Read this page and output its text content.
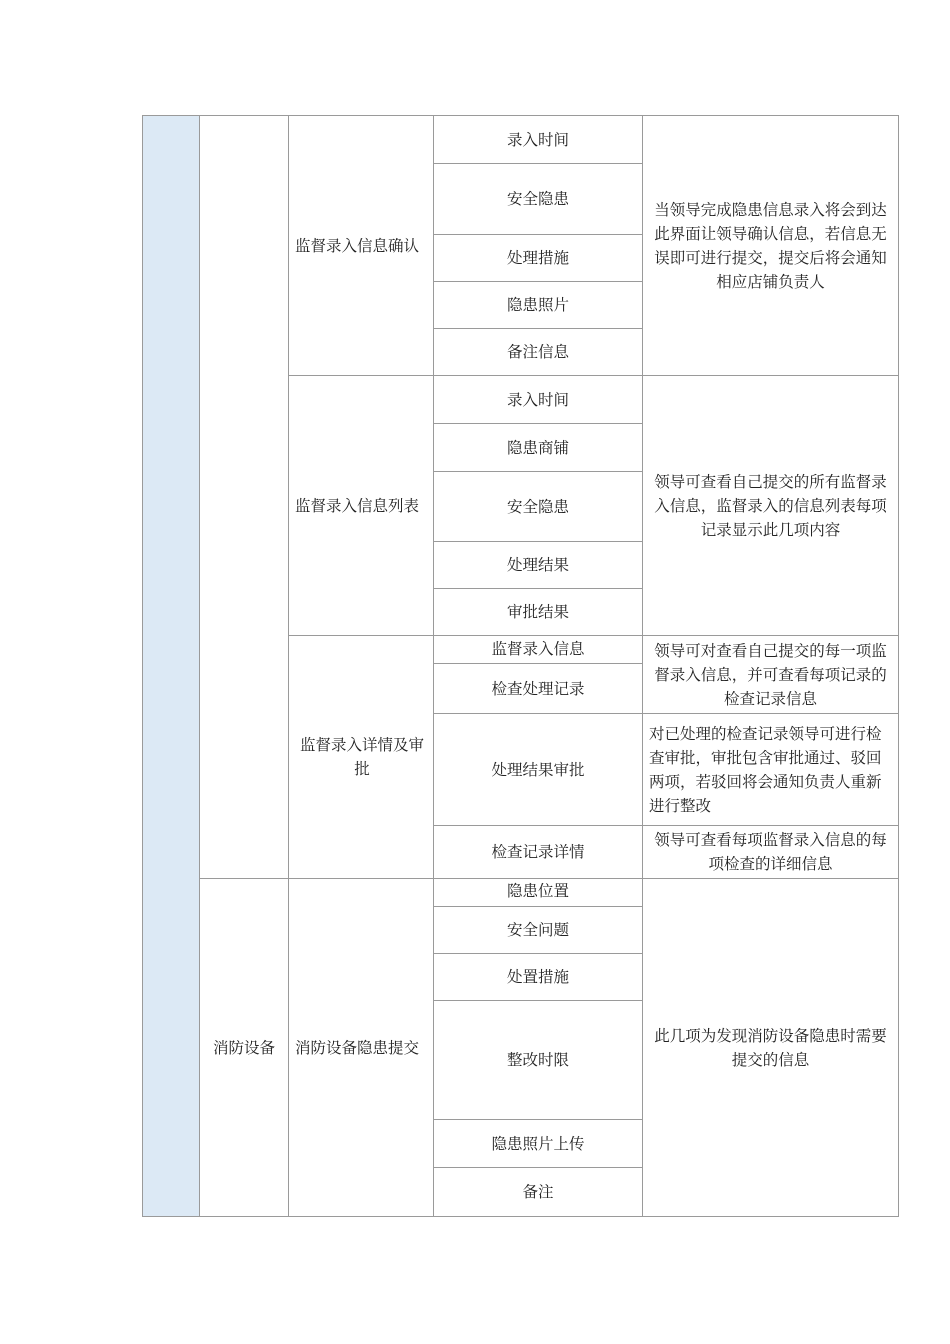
监督录入信息确认
录入时间
安全隐患
处理措施
隐患照片
备注信息
当领导完成隐患信息录入将会到达此界面让领导确认信息，若信息无误即可进行提交，提交后将会通知相应店铺负责人
监督录入信息列表
录入时间
隐患商铺
安全隐患
处理结果
审批结果
领导可查看自己提交的所有监督录入信息，监督录入的信息列表每项记录显示此几项内容
监督录入详情及审批
监督录入信息
检查处理记录
处理结果审批
检查记录详情
领导可对查看自己提交的每一项监督录入信息，并可查看每项记录的检查记录信息
对已处理的检查记录领导可进行检查审批，审批包含审批通过、驳回两项，若驳回将会通知负责人重新进行整改
领导可查看每项监督录入信息的每项检查的详细信息
消防设备 消防设备隐患提交
隐患位置
安全问题
处置措施
整改时限
隐患照片上传
备注
此几项为发现消防设备隐患时需要提交的信息
